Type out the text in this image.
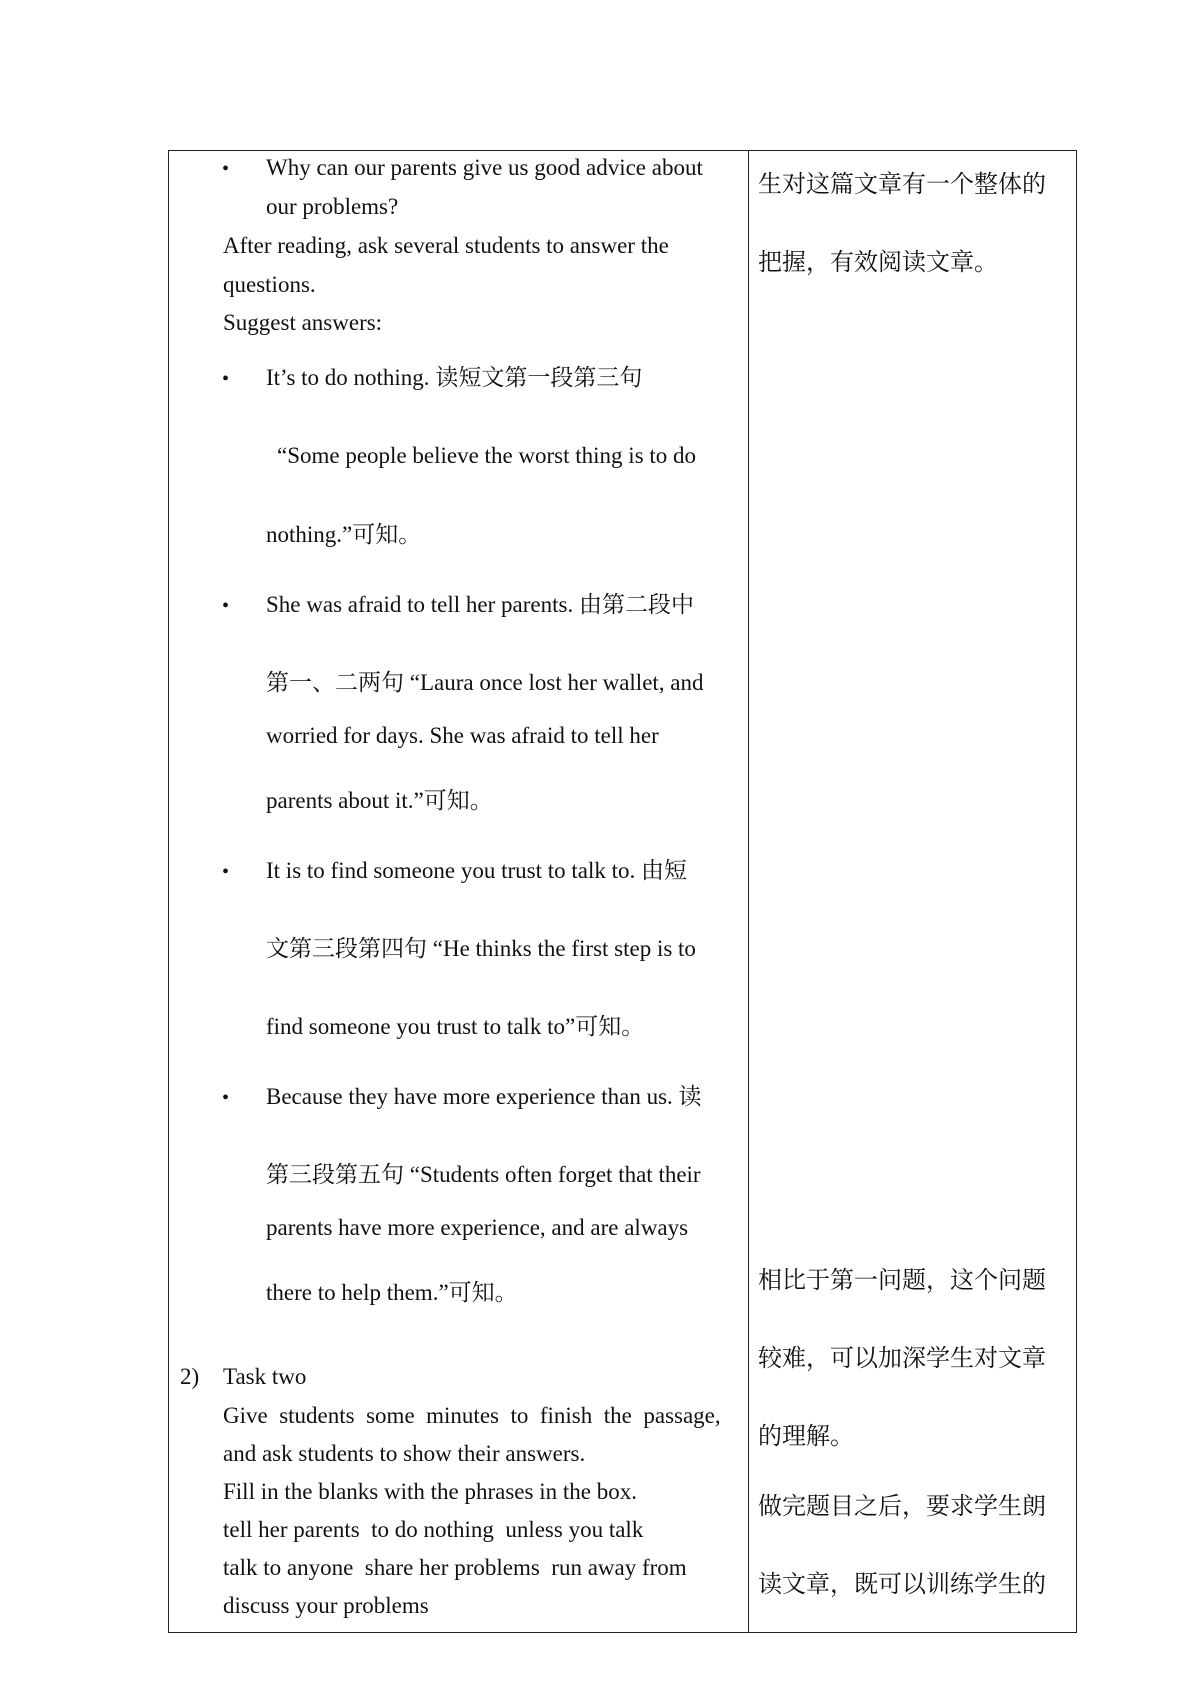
• Why can our parents give us good advice about
our problems?
After reading, ask several students to answer the
questions.
Suggest answers:
• It’s to do nothing. 读短文第一段第三句
“Some people believe the worst thing is to do
nothing.”可知。
• She was afraid to tell her parents. 由第二段中
第一、二两句 “Laura once lost her wallet, and
worried for days. She was afraid to tell her
parents about it.”可知。
• It is to find someone you trust to talk to. 由短
文第三段第四句 “He thinks the first step is to
find someone you trust to talk to”可知。
• Because they have more experience than us. 读
第三段第五句 “Students often forget that their
parents have more experience, and are always
there to help them.”可知。
2) Task two
Give  students  some  minutes  to  finish  the  passage,
and ask students to show their answers.
Fill in the blanks with the phrases in the box.
tell her parents  to do nothing  unless you talk
talk to anyone  share her problems  run away from
discuss your problems
生对这篇文章有一个整体的
把握，有效阅读文章。
相比于第一问题，这个问题
较难，可以加深学生对文章
的理解。
做完题目之后，要求学生朗
读文章，既可以训练学生的
